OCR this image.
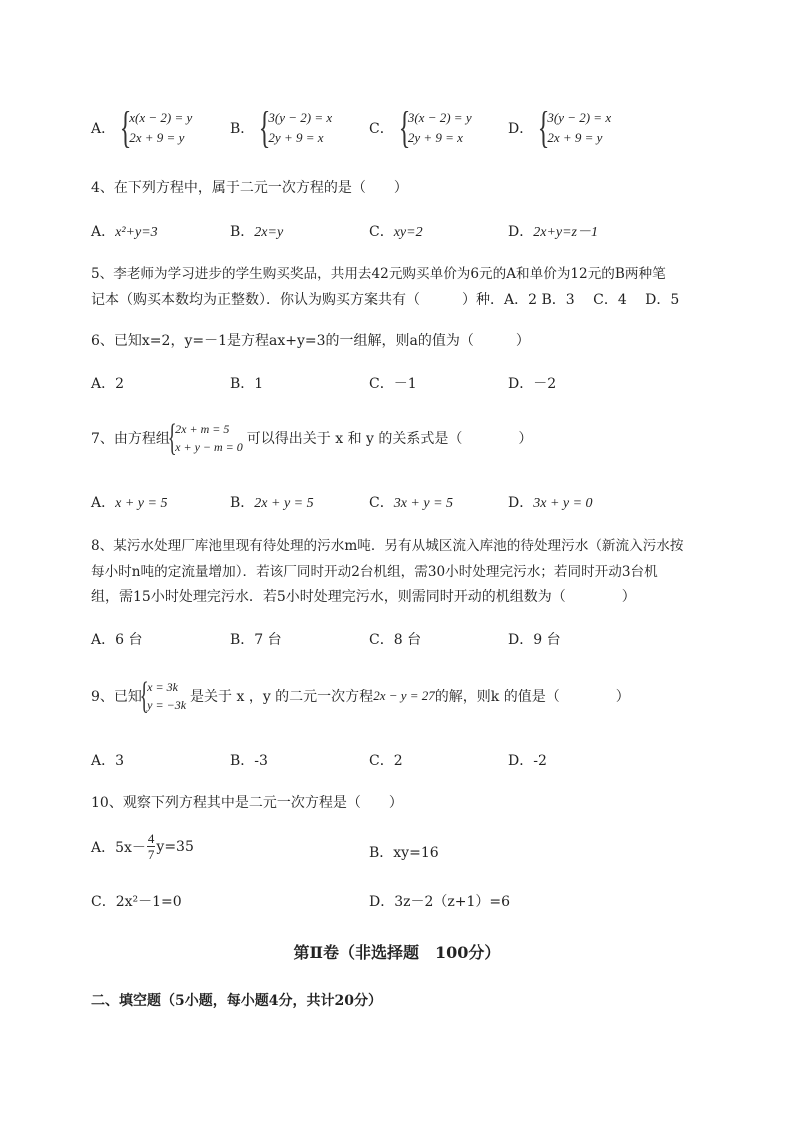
A． {
x(x − 2) = y
2x + 9 = y
B． {
3(y − 2) = x
2y + 9 = x
C． {
3(x − 2) = y
2y + 9 = x
D． {
3(y − 2) = x
2x + 9 = y
4、在下列方程中，属于二元一次方程的是（　　）
A．x²+y=3	B．2x=y	C．xy=2	D．2x+y=z－1
5、李老师为学习进步的学生购买奖品，共用去42元购买单价为6元的A和单价为12元的B两种笔
记本（购买本数均为正整数）．你认为购买方案共有（　　　）种．A．2 B．3　 C．4　 D．5
6、已知x=2，y=－1是方程ax+y=3的一组解，则a的值为（　　　）
A．2	B．1	C．－1	D．－2
7、由方程组
{
2x + m = 5
x + y − m = 0 可以得出关于 x 和 y 的关系式是（　　　　）
A．x + y = 5	B．2x + y = 5	C．3x + y = 5	D．3x + y = 0
8、某污水处理厂库池里现有待处理的污水m吨．另有从城区流入库池的待处理污水（新流入污水按
每小时n吨的定流量增加）．若该厂同时开动2台机组，需30小时处理完污水；若同时开动3台机
组，需15小时处理完污水．若5小时处理完污水，则需同时开动的机组数为（　　　　）
A．6 台	B．7 台	C．8 台	D．9 台
9、已知
{
x = 3k
y = −3k 是关于 x ，y 的二元一次方程 2x − y = 27 的解，则k 的值是（　　　　）
A．3	B．-3	C．2	D．-2
10、观察下列方程其中是二元一次方程是（　　）
A．$5x- \frac{4}{7} y=35$	B．xy=16
C．2x²－1=0	D．3z－2（z+1）=6
第Ⅱ卷（非选择题　100分）
二、填空题（5小题，每小题4分，共计20分）
